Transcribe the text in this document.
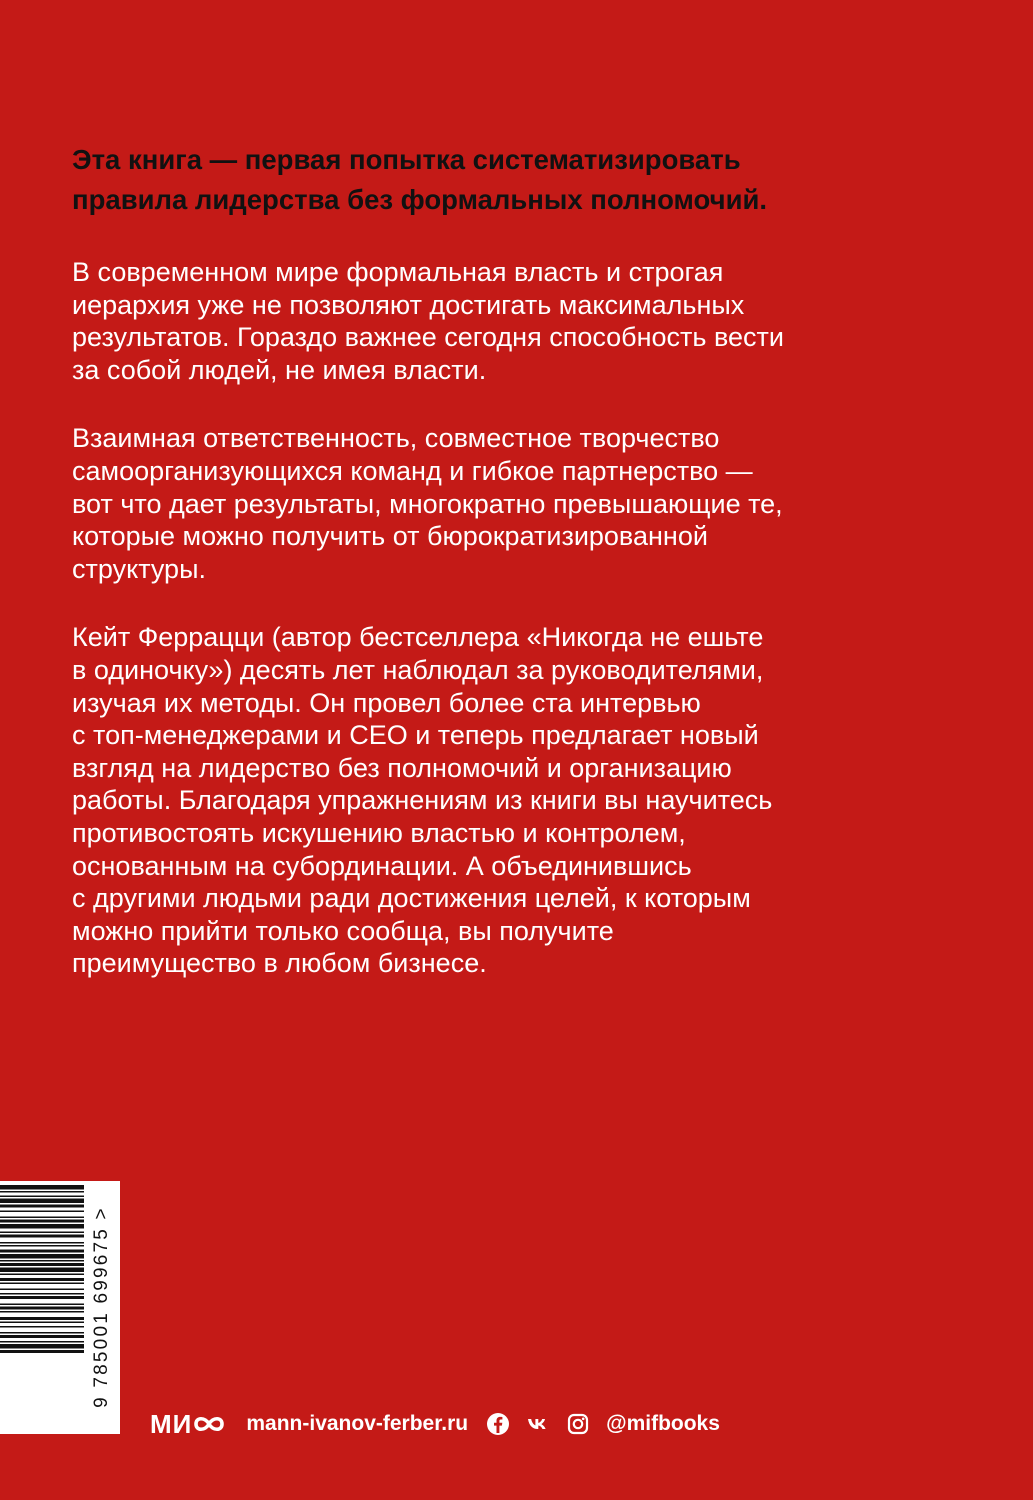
Эта книга — первая попытка систематизировать
правила лидерства без формальных полномочий.

В современном мире формальная власть и строгая
иерархия уже не позволяют достигать максимальных
результатов. Гораздо важнее сегодня способность вести
за собой людей, не имея власти.

Взаимная ответственность, совместное творчество
самоорганизующихся команд и гибкое партнерство —
вот что дает результаты, многократно превышающие те,
которые можно получить от бюрократизированной
структуры.

Кейт Феррацци (автор бестселлера «Никогда не ешьте
в одиночку») десять лет наблюдал за руководителями,
изучая их методы. Он провел более ста интервью
с топ-менеджерами и CEO и теперь предлагает новый
взгляд на лидерство без полномочий и организацию
работы. Благодаря упражнениям из книги вы научитесь
противостоять искушению властью и контролем,
основанным на субординации. А объединившись
с другими людьми ради достижения целей, к которым
можно прийти только сообща, вы получите
преимущество в любом бизнесе.

9 785001 699675 >
МИ	mann-ivanov-ferber.ru	@mifbooks
